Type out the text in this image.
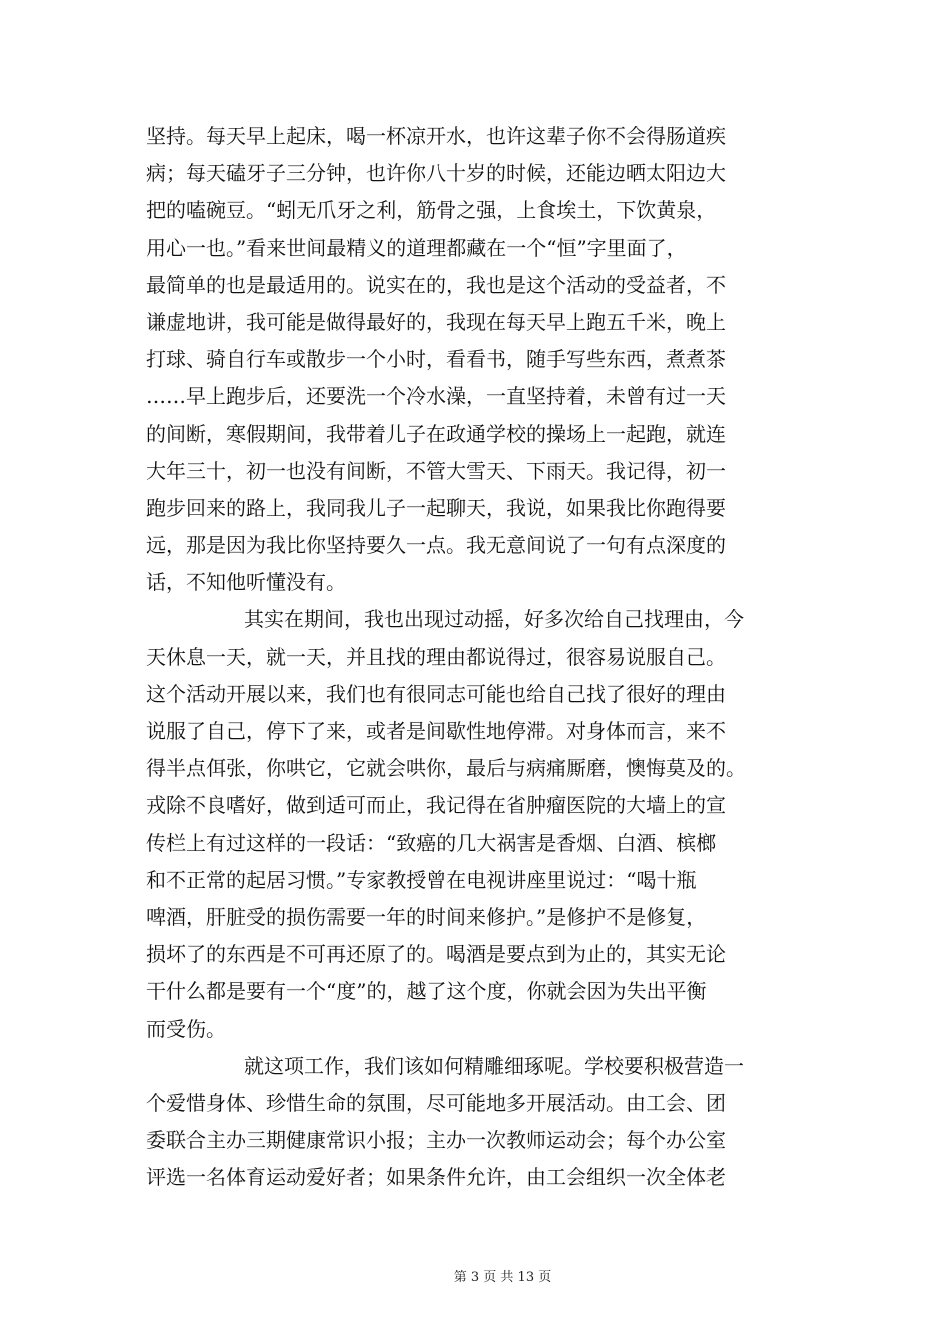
坚持。每天早上起床，喝一杯凉开水，也许这辈子你不会得肠道疾
病；每天磕牙子三分钟，也许你八十岁的时候，还能边晒太阳边大
把的嗑碗豆。“蚓无爪牙之利，筋骨之强，上食埃土，下饮黄泉，
用心一也。”看来世间最精义的道理都藏在一个“恒”字里面了，
最简单的也是最适用的。说实在的，我也是这个活动的受益者，不
谦虚地讲，我可能是做得最好的，我现在每天早上跑五千米，晚上
打球、骑自行车或散步一个小时，看看书，随手写些东西，煮煮茶
……早上跑步后，还要洗一个冷水澡，一直坚持着，未曾有过一天
的间断，寒假期间，我带着儿子在政通学校的操场上一起跑，就连
大年三十，初一也没有间断，不管大雪天、下雨天。我记得，初一
跑步回来的路上，我同我儿子一起聊天，我说，如果我比你跑得要
远，那是因为我比你坚持要久一点。我无意间说了一句有点深度的
话，不知他听懂没有。
其实在期间，我也出现过动摇，好多次给自己找理由，今
天休息一天，就一天，并且找的理由都说得过，很容易说服自己。
这个活动开展以来，我们也有很同志可能也给自己找了很好的理由
说服了自己，停下了来，或者是间歇性地停滞。对身体而言，来不
得半点佴张，你哄它，它就会哄你，最后与病痛厮磨，懊悔莫及的。
戎除不良嗜好，做到适可而止，我记得在省肿瘤医院的大墙上的宣
传栏上有过这样的一段话：“致癌的几大祸害是香烟、白酒、槟榔
和不正常的起居习惯。”专家教授曾在电视讲座里说过：“喝十瓶
啤酒，肝脏受的损伤需要一年的时间来修护。”是修护不是修复，
损坏了的东西是不可再还原了的。喝酒是要点到为止的，其实无论
干什么都是要有一个“度”的，越了这个度，你就会因为失出平衡
而受伤。
就这项工作，我们该如何精雕细琢呢。学校要积极营造一
个爱惜身体、珍惜生命的氛围，尽可能地多开展活动。由工会、团
委联合主办三期健康常识小报；主办一次教师运动会；每个办公室
评选一名体育运动爱好者；如果条件允许，由工会组织一次全体老
第 3 页 共 13 页
